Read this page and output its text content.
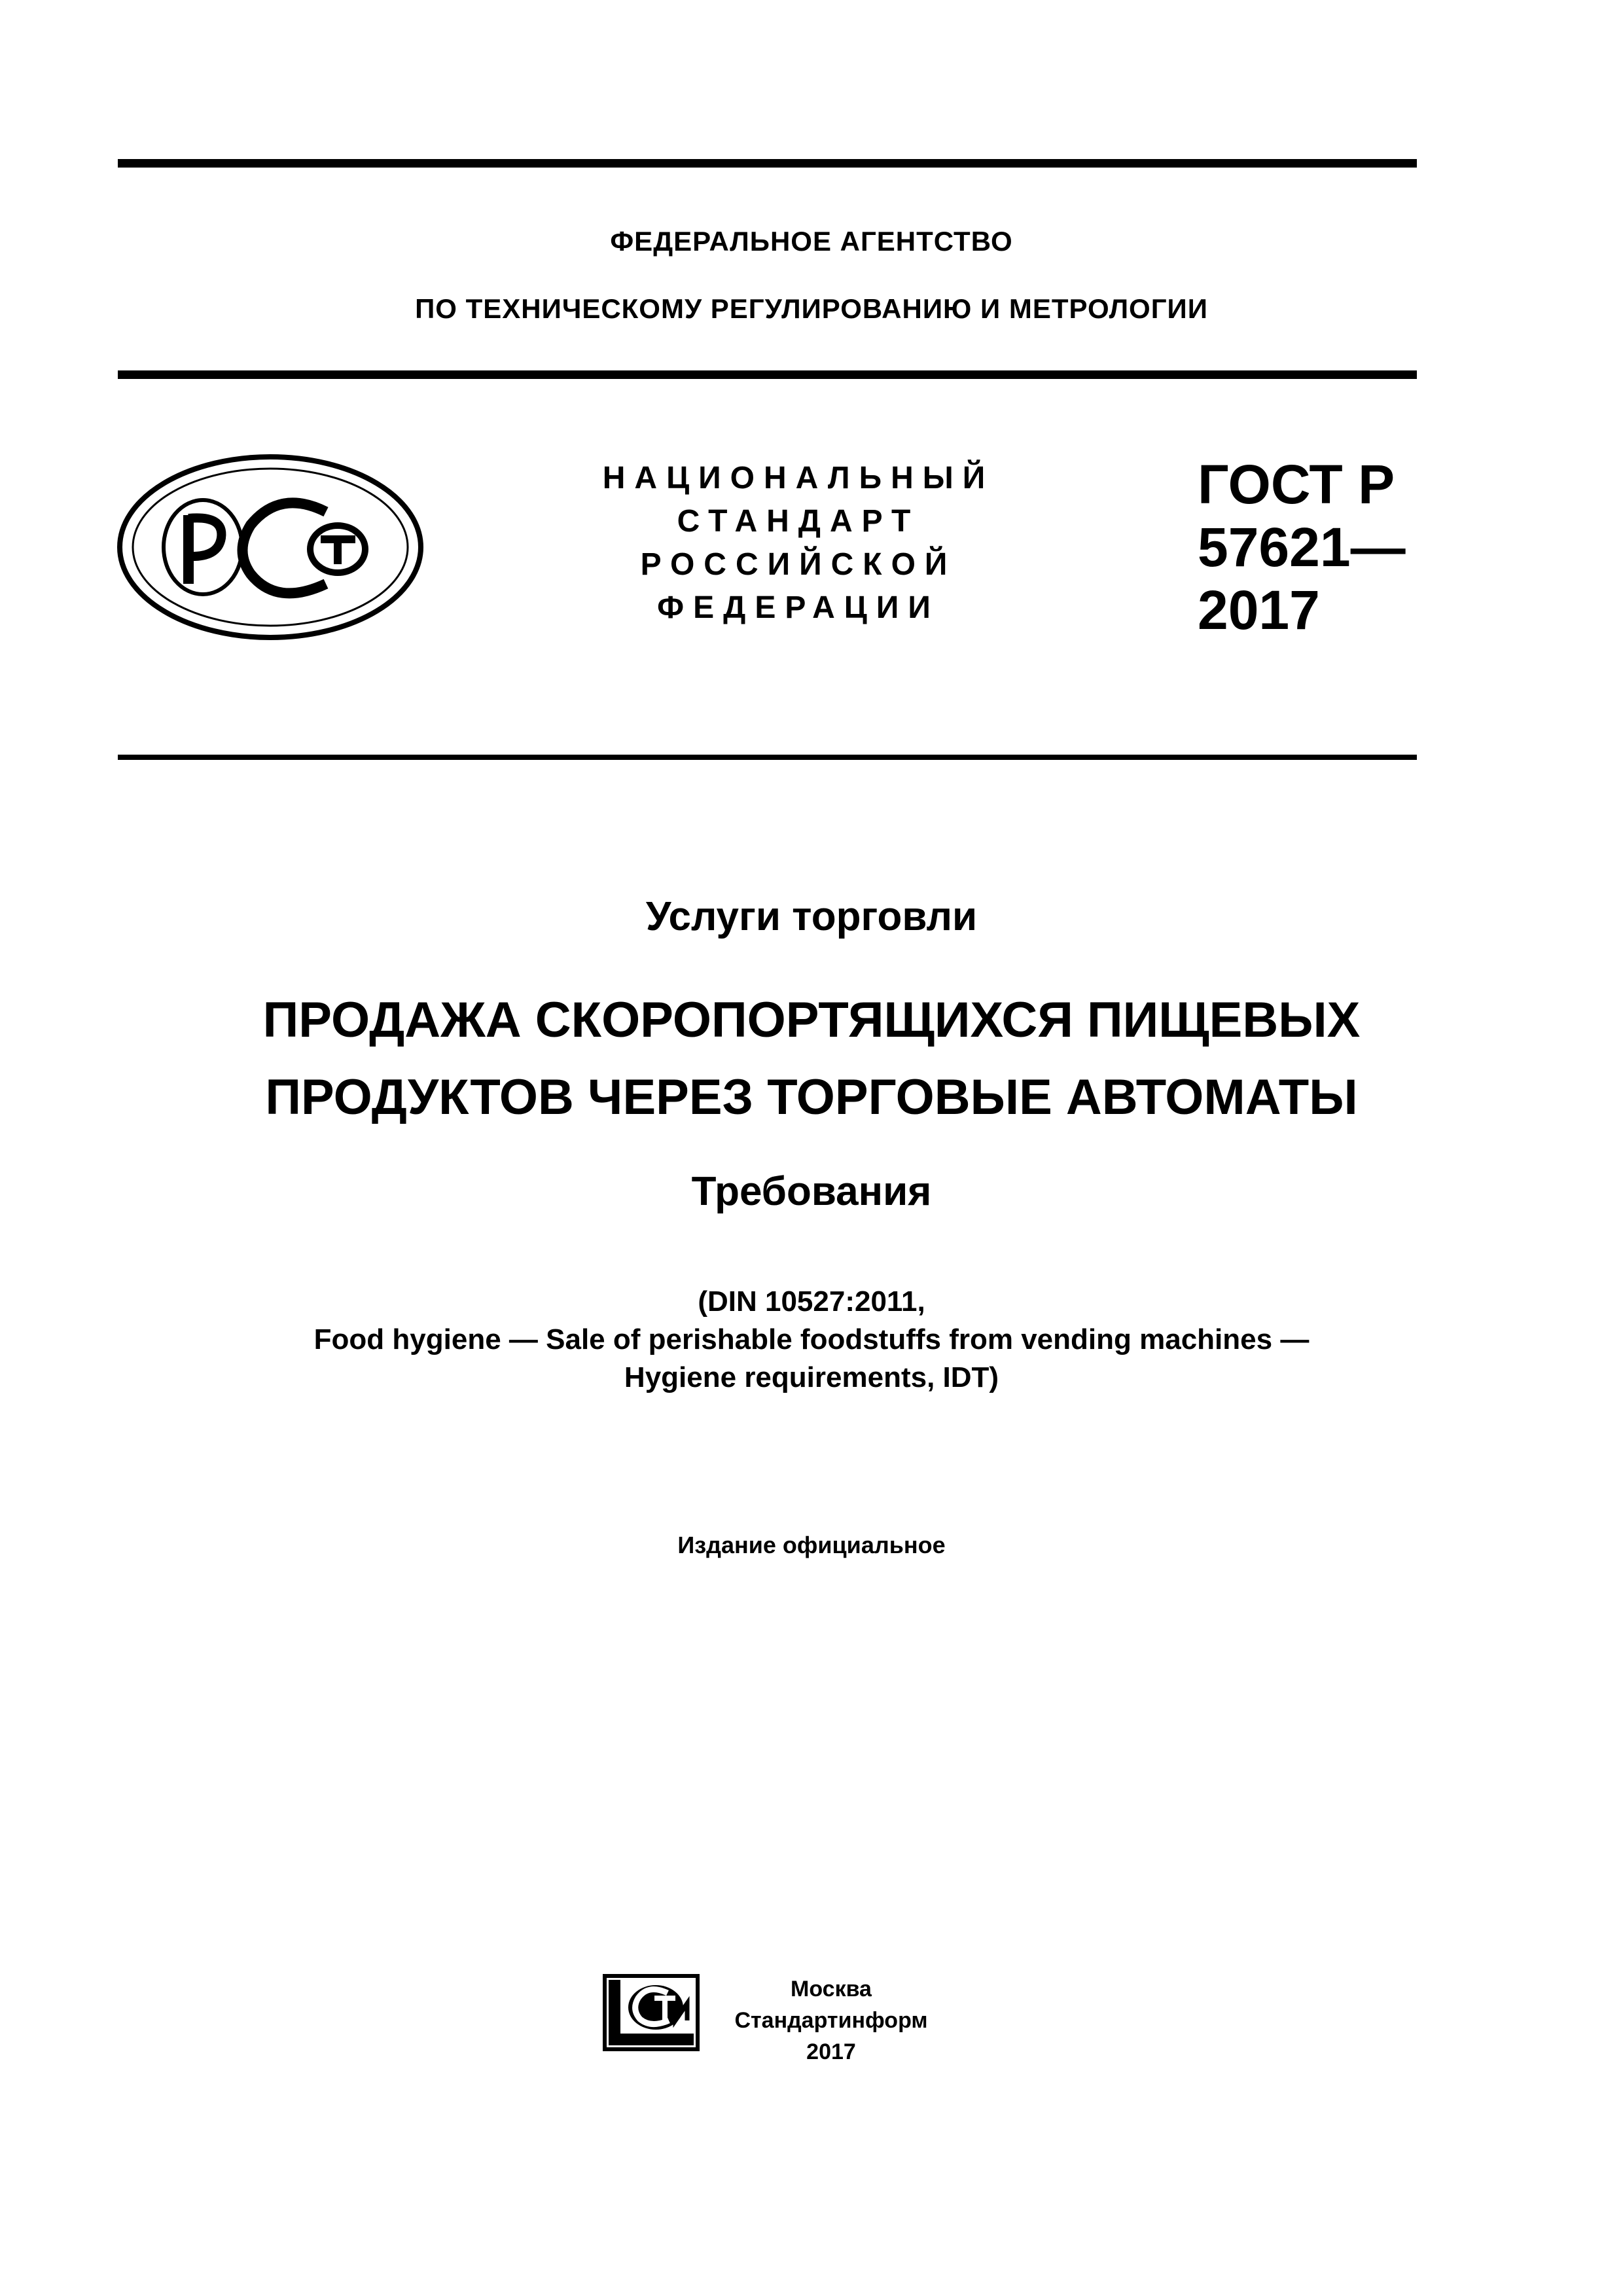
ФЕДЕРАЛЬНОЕ АГЕНТСТВО
ПО ТЕХНИЧЕСКОМУ РЕГУЛИРОВАНИЮ И МЕТРОЛОГИИ
НАЦИОНАЛЬНЫЙ
СТАНДАРТ
РОССИЙСКОЙ
ФЕДЕРАЦИИ
ГОСТ Р
57621—
2017
Услуги торговли
ПРОДАЖА СКОРОПОРТЯЩИХСЯ ПИЩЕВЫХ
ПРОДУКТОВ ЧЕРЕЗ ТОРГОВЫЕ АВТОМАТЫ
Требования
(DIN 10527:2011,
Food hygiene — Sale of perishable foodstuffs from vending machines —
Hygiene requirements, IDT)
Издание официальное
Москва
Стандартинформ
2017
